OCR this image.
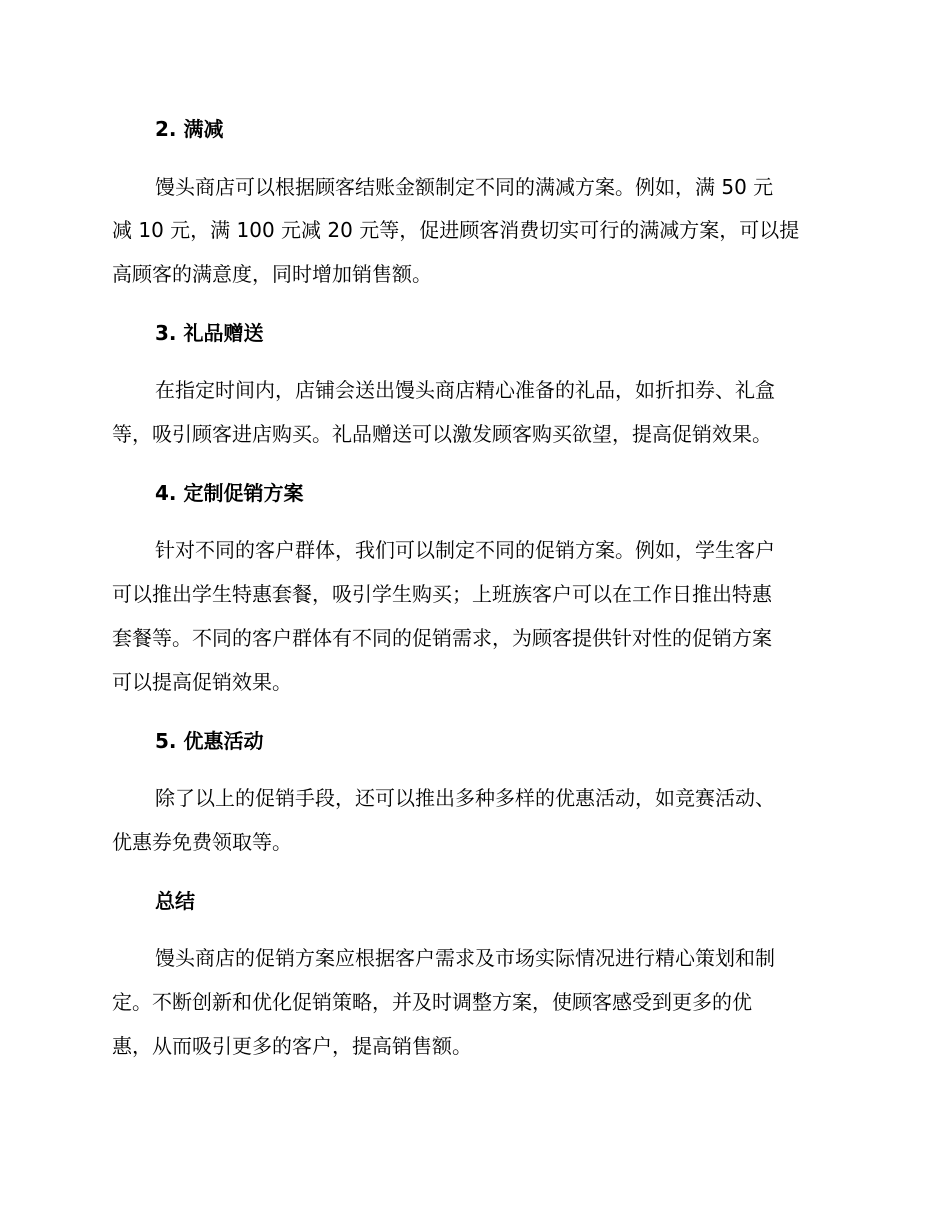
2. 满减
馒头商店可以根据顾客结账金额制定不同的满减方案。例如，满 50 元
减 10 元，满 100 元减 20 元等，促进顾客消费切实可行的满减方案，可以提
高顾客的满意度，同时增加销售额。
3. 礼品赠送
在指定时间内，店铺会送出馒头商店精心准备的礼品，如折扣券、礼盒
等，吸引顾客进店购买。礼品赠送可以激发顾客购买欲望，提高促销效果。
4. 定制促销方案
针对不同的客户群体，我们可以制定不同的促销方案。例如，学生客户
可以推出学生特惠套餐，吸引学生购买；上班族客户可以在工作日推出特惠
套餐等。不同的客户群体有不同的促销需求，为顾客提供针对性的促销方案
可以提高促销效果。
5. 优惠活动
除了以上的促销手段，还可以推出多种多样的优惠活动，如竞赛活动、
优惠券免费领取等。
总结
馒头商店的促销方案应根据客户需求及市场实际情况进行精心策划和制
定。不断创新和优化促销策略，并及时调整方案，使顾客感受到更多的优
惠，从而吸引更多的客户，提高销售额。
